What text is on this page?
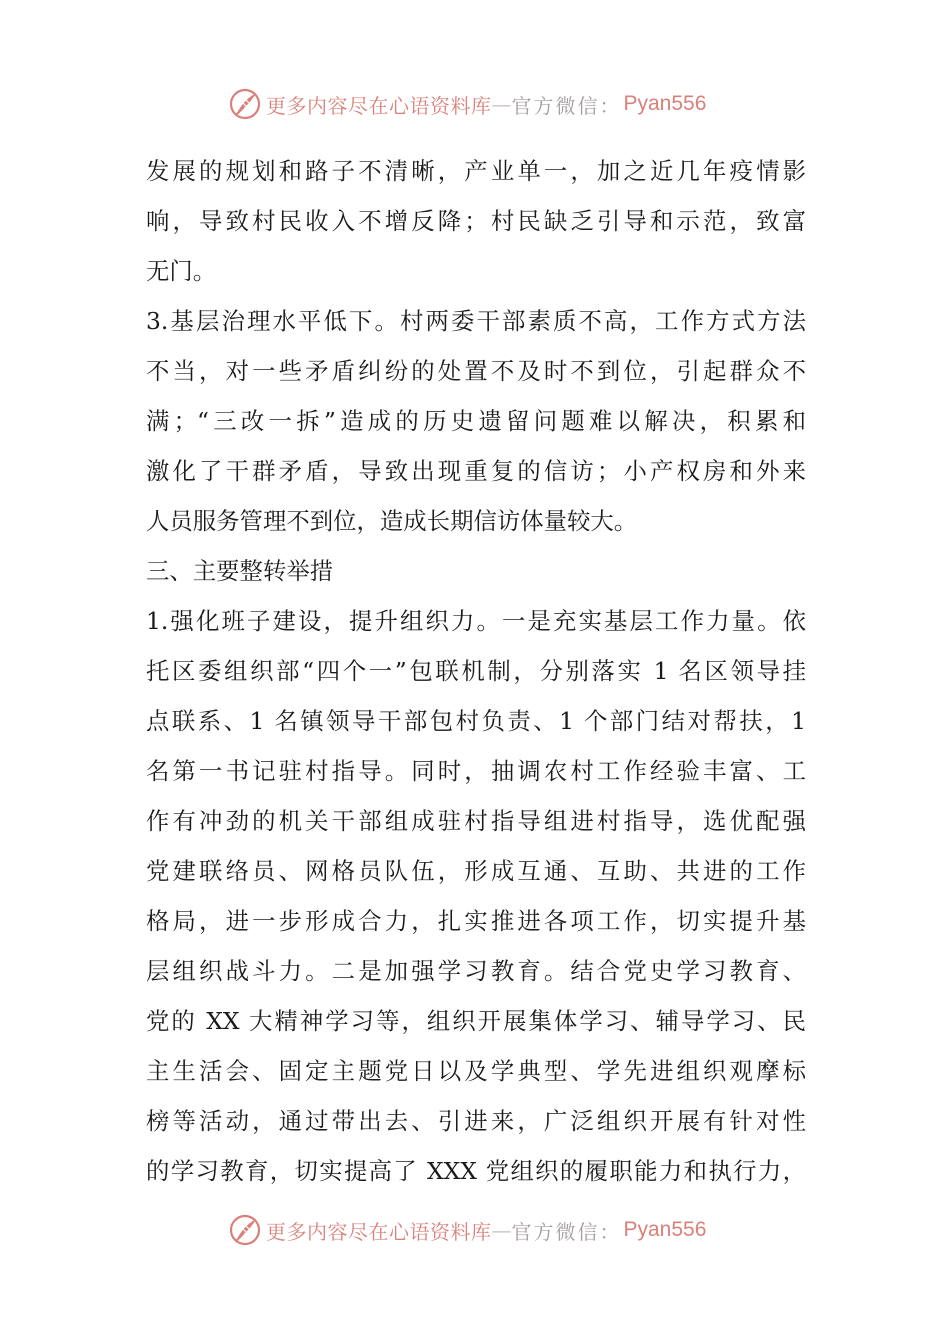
更多内容尽在心语资料库 — 官方微信： Pyan556
发展的规划和路子不清晰，产业单一，加之近几年疫情影
响，导致村民收入不增反降；村民缺乏引导和示范，致富
无门。
3.基层治理水平低下。村两委干部素质不高，工作方式方法
不当，对一些矛盾纠纷的处置不及时不到位，引起群众不
满；“三改一拆”造成的历史遗留问题难以解决，积累和
激化了干群矛盾，导致出现重复的信访；小产权房和外来
人员服务管理不到位，造成长期信访体量较大。
三、主要整转举措
1.强化班子建设，提升组织力。一是充实基层工作力量。依
托区委组织部“四个一”包联机制，分别落实 1 名区领导挂
点联系、1 名镇领导干部包村负责、1 个部门结对帮扶，1
名第一书记驻村指导。同时，抽调农村工作经验丰富、工
作有冲劲的机关干部组成驻村指导组进村指导，选优配强
党建联络员、网格员队伍，形成互通、互助、共进的工作
格局，进一步形成合力，扎实推进各项工作，切实提升基
层组织战斗力。二是加强学习教育。结合党史学习教育、
党的 XX 大精神学习等，组织开展集体学习、辅导学习、民
主生活会、固定主题党日以及学典型、学先进组织观摩标
榜等活动，通过带出去、引进来，广泛组织开展有针对性
的学习教育，切实提高了 XXX 党组织的履职能力和执行力，
更多内容尽在心语资料库 — 官方微信： Pyan556
